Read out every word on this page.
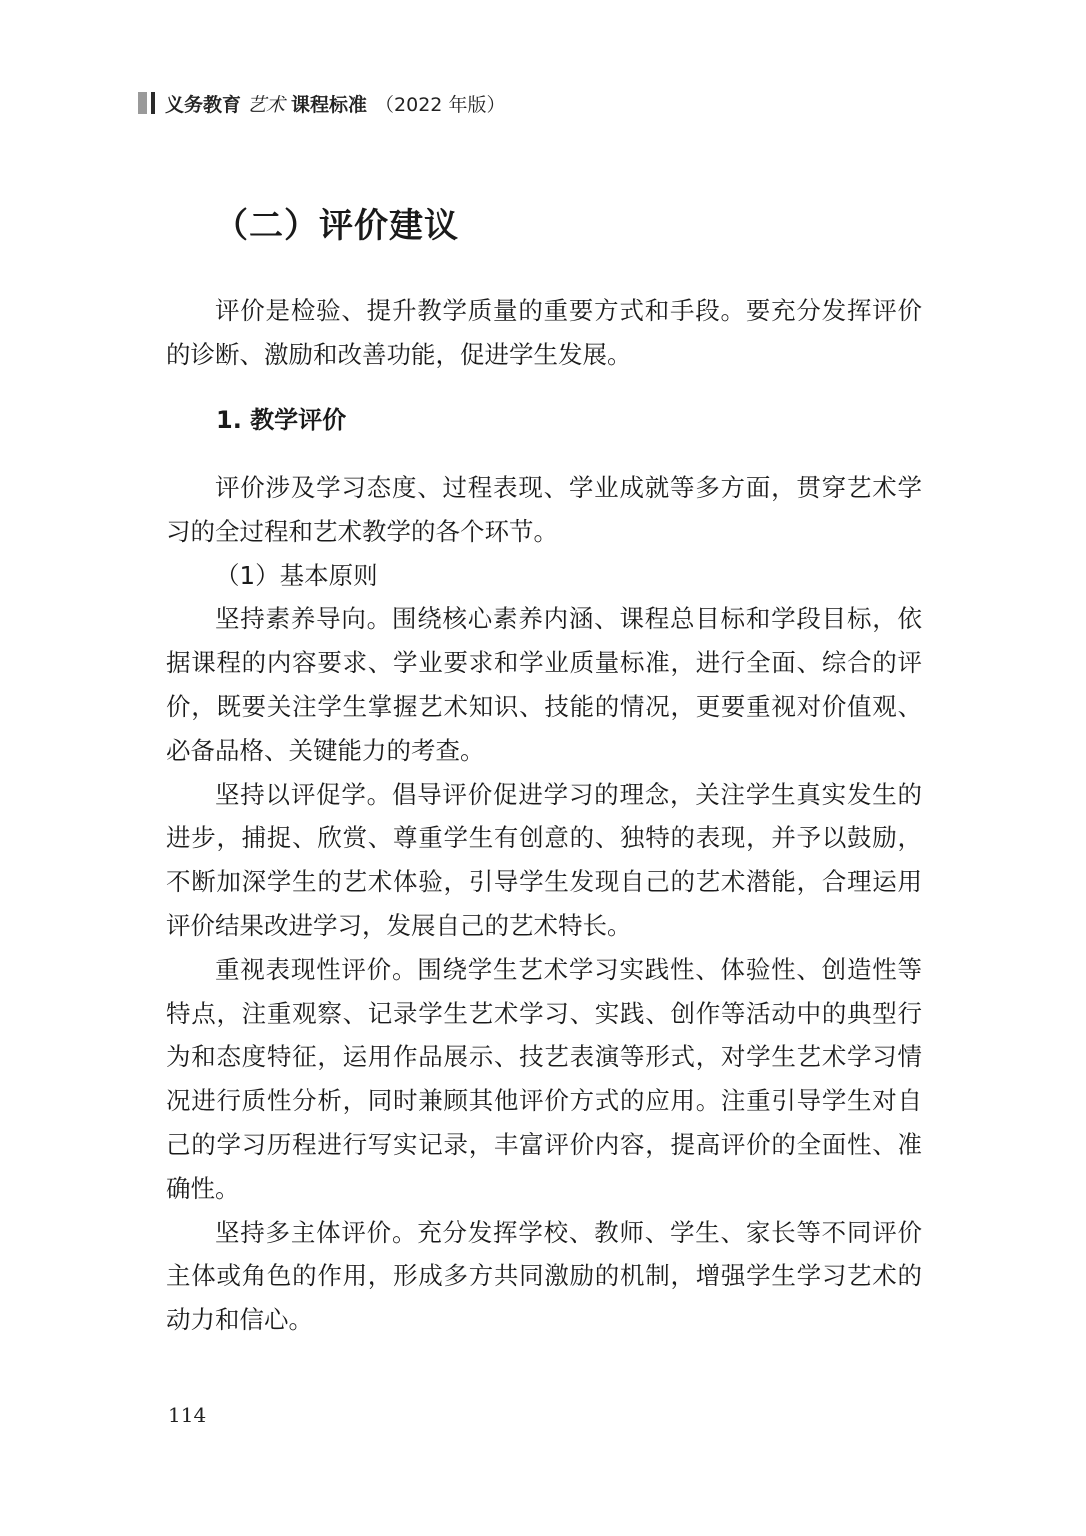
义务教育 艺术 课程标准 （2022 年版）
（二）评价建议

评价是检验、提升教学质量的重要方式和手段。要充分发挥评价的诊断、激励和改善功能，促进学生发展。

1. 教学评价

评价涉及学习态度、过程表现、学业成就等多方面，贯穿艺术学习的全过程和艺术教学的各个环节。

（1）基本原则

坚持素养导向。围绕核心素养内涵、课程总目标和学段目标，依据课程的内容要求、学业要求和学业质量标准，进行全面、综合的评价，既要关注学生掌握艺术知识、技能的情况，更要重视对价值观、必备品格、关键能力的考查。

坚持以评促学。倡导评价促进学习的理念，关注学生真实发生的进步，捕捉、欣赏、尊重学生有创意的、独特的表现，并予以鼓励，不断加深学生的艺术体验，引导学生发现自己的艺术潜能，合理运用评价结果改进学习，发展自己的艺术特长。

重视表现性评价。围绕学生艺术学习实践性、体验性、创造性等特点，注重观察、记录学生艺术学习、实践、创作等活动中的典型行为和态度特征，运用作品展示、技艺表演等形式，对学生艺术学习情况进行质性分析，同时兼顾其他评价方式的应用。注重引导学生对自己的学习历程进行写实记录，丰富评价内容，提高评价的全面性、准确性。

坚持多主体评价。充分发挥学校、教师、学生、家长等不同评价主体或角色的作用，形成多方共同激励的机制，增强学生学习艺术的动力和信心。

114
